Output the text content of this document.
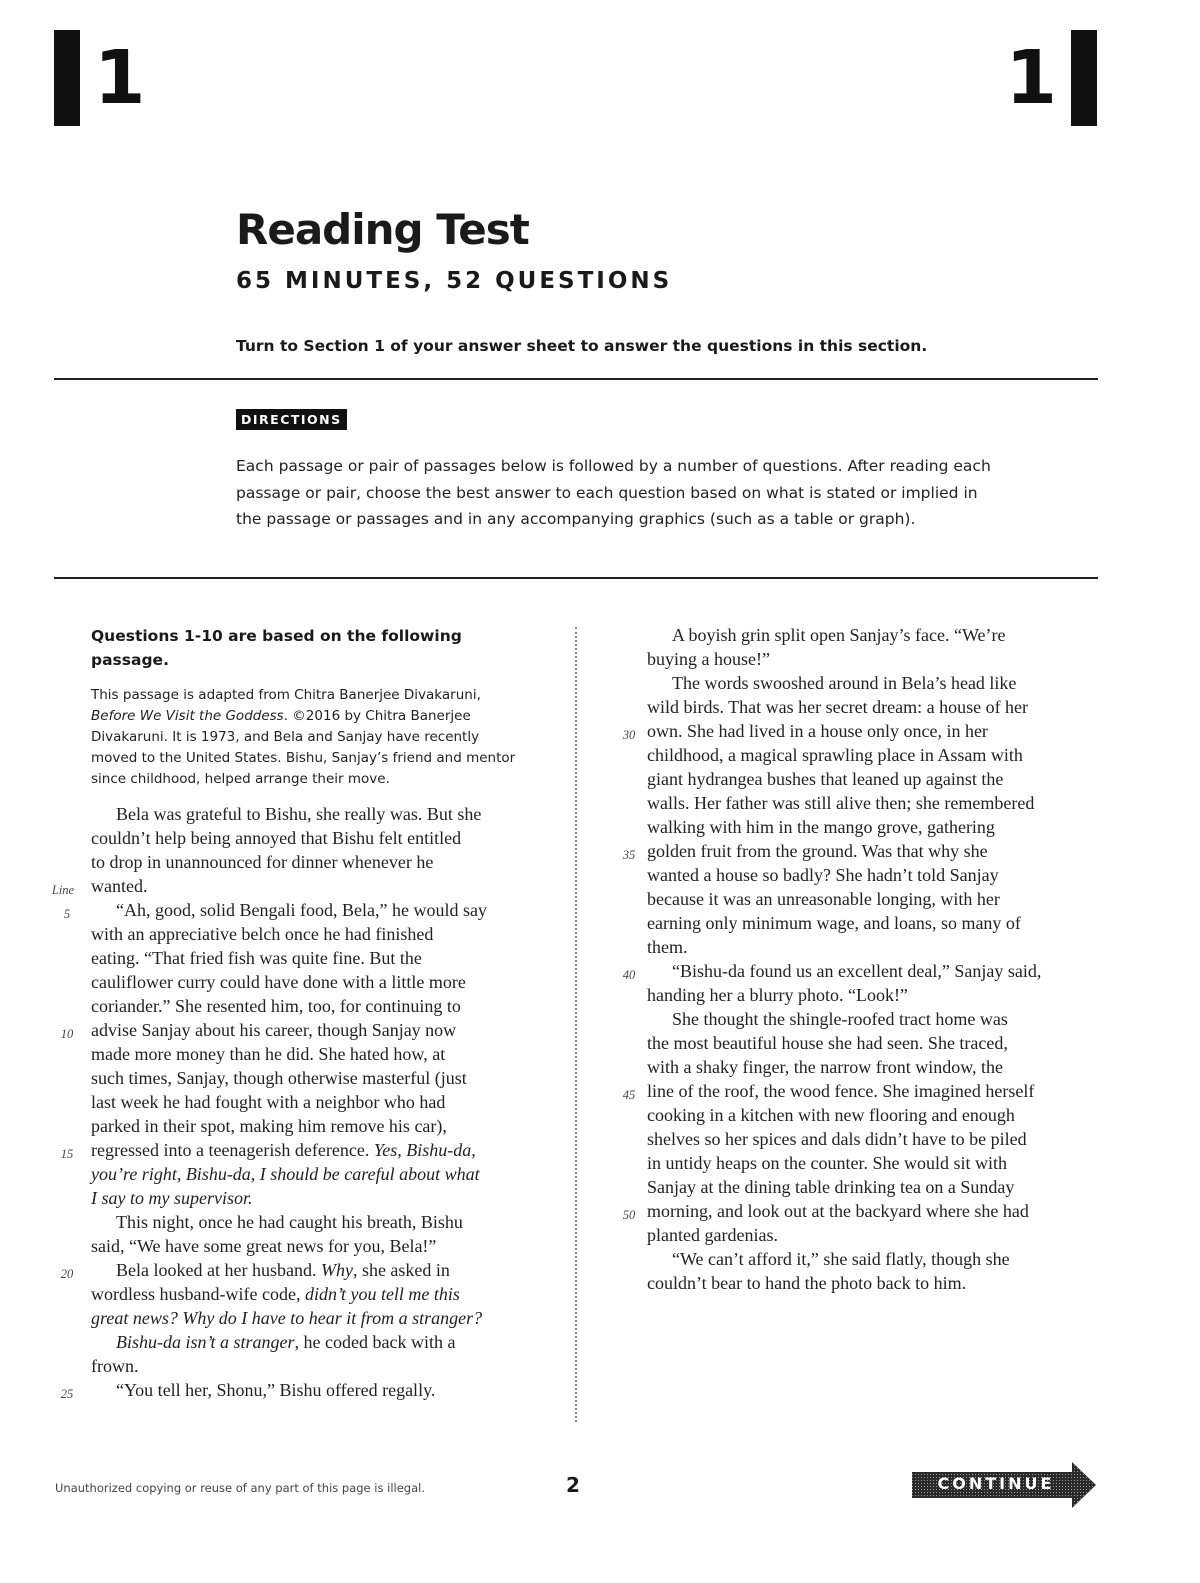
1	1
Reading Test
65 MINUTES, 52 QUESTIONS
Turn to Section 1 of your answer sheet to answer the questions in this section.
DIRECTIONS

Each passage or pair of passages below is followed by a number of questions. After reading each passage or pair, choose the best answer to each question based on what is stated or implied in the passage or passages and in any accompanying graphics (such as a table or graph).

Questions 1-10 are based on the following passage.

This passage is adapted from Chitra Banerjee Divakaruni, Before We Visit the Goddess. ©2016 by Chitra Banerjee Divakaruni. It is 1973, and Bela and Sanjay have recently moved to the United States. Bishu, Sanjay’s friend and mentor since childhood, helped arrange their move.

Bela was grateful to Bishu, she really was. But she
couldn’t help being annoyed that Bishu felt entitled
to drop in unannounced for dinner whenever he
wanted.
Line
“Ah, good, solid Bengali food, Bela,” he would say
5
with an appreciative belch once he had finished
eating. “That fried fish was quite fine. But the
cauliflower curry could have done with a little more
coriander.” She resented him, too, for continuing to
advise Sanjay about his career, though Sanjay now
10
made more money than he did. She hated how, at
such times, Sanjay, though otherwise masterful (just
last week he had fought with a neighbor who had
parked in their spot, making him remove his car),
regressed into a teenagerish deference. Yes, Bishu-da,
15
you’re right, Bishu-da, I should be careful about what
I say to my supervisor.
This night, once he had caught his breath, Bishu
said, “We have some great news for you, Bela!”
Bela looked at her husband. Why, she asked in
20
wordless husband-wife code, didn’t you tell me this
great news? Why do I have to hear it from a stranger?
Bishu-da isn’t a stranger, he coded back with a
frown.
“You tell her, Shonu,” Bishu offered regally.
25
A boyish grin split open Sanjay’s face. “We’re
buying a house!”
The words swooshed around in Bela’s head like
wild birds. That was her secret dream: a house of her
own. She had lived in a house only once, in her
30
childhood, a magical sprawling place in Assam with
giant hydrangea bushes that leaned up against the
walls. Her father was still alive then; she remembered
walking with him in the mango grove, gathering
golden fruit from the ground. Was that why she
35
wanted a house so badly? She hadn’t told Sanjay
because it was an unreasonable longing, with her
earning only minimum wage, and loans, so many of
them.
“Bishu-da found us an excellent deal,” Sanjay said,
40
handing her a blurry photo. “Look!”
She thought the shingle-roofed tract home was
the most beautiful house she had seen. She traced,
with a shaky finger, the narrow front window, the
line of the roof, the wood fence. She imagined herself
45
cooking in a kitchen with new flooring and enough
shelves so her spices and dals didn’t have to be piled
in untidy heaps on the counter. She would sit with
Sanjay at the dining table drinking tea on a Sunday
morning, and look out at the backyard where she had
50
planted gardenias.
“We can’t afford it,” she said flatly, though she
couldn’t bear to hand the photo back to him.
Unauthorized copying or reuse of any part of this page is illegal.	2	CONTINUE
